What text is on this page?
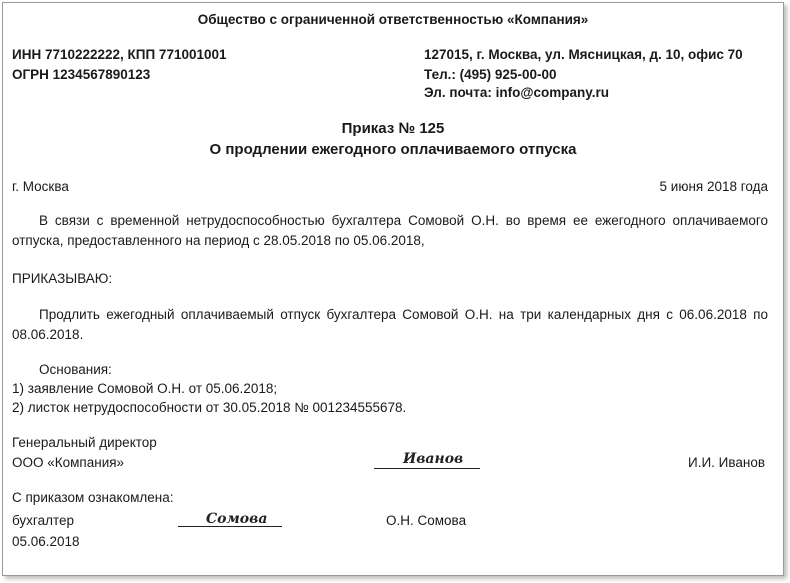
Общество с ограниченной ответственностью «Компания»
ИНН 7710222222, КПП 771001001
ОГРН 1234567890123
127015, г. Москва, ул. Мясницкая, д. 10, офис 70
Тел.: (495) 925-00-00
Эл. почта: info@company.ru
Приказ № 125
О продлении ежегодного оплачиваемого отпуска
г. Москва	5 июня 2018 года
В связи с временной нетрудоспособностью бухгалтера Сомовой О.Н. во время ее ежегодного оплачиваемого отпуска, предоставленного на период с 28.05.2018 по 05.06.2018,
ПРИКАЗЫВАЮ:
Продлить ежегодный оплачиваемый отпуск бухгалтера Сомовой О.Н. на три календарных дня с 06.06.2018 по 08.06.2018.
Основания:
1) заявление Сомовой О.Н. от 05.06.2018;
2) листок нетрудоспособности от 30.05.2018 № 001234555678.
Генеральный директор
ООО «Компания»	Иванов	И.И. Иванов
С приказом ознакомлена:
бухгалтер	Сомова	О.Н. Сомова
05.06.2018
